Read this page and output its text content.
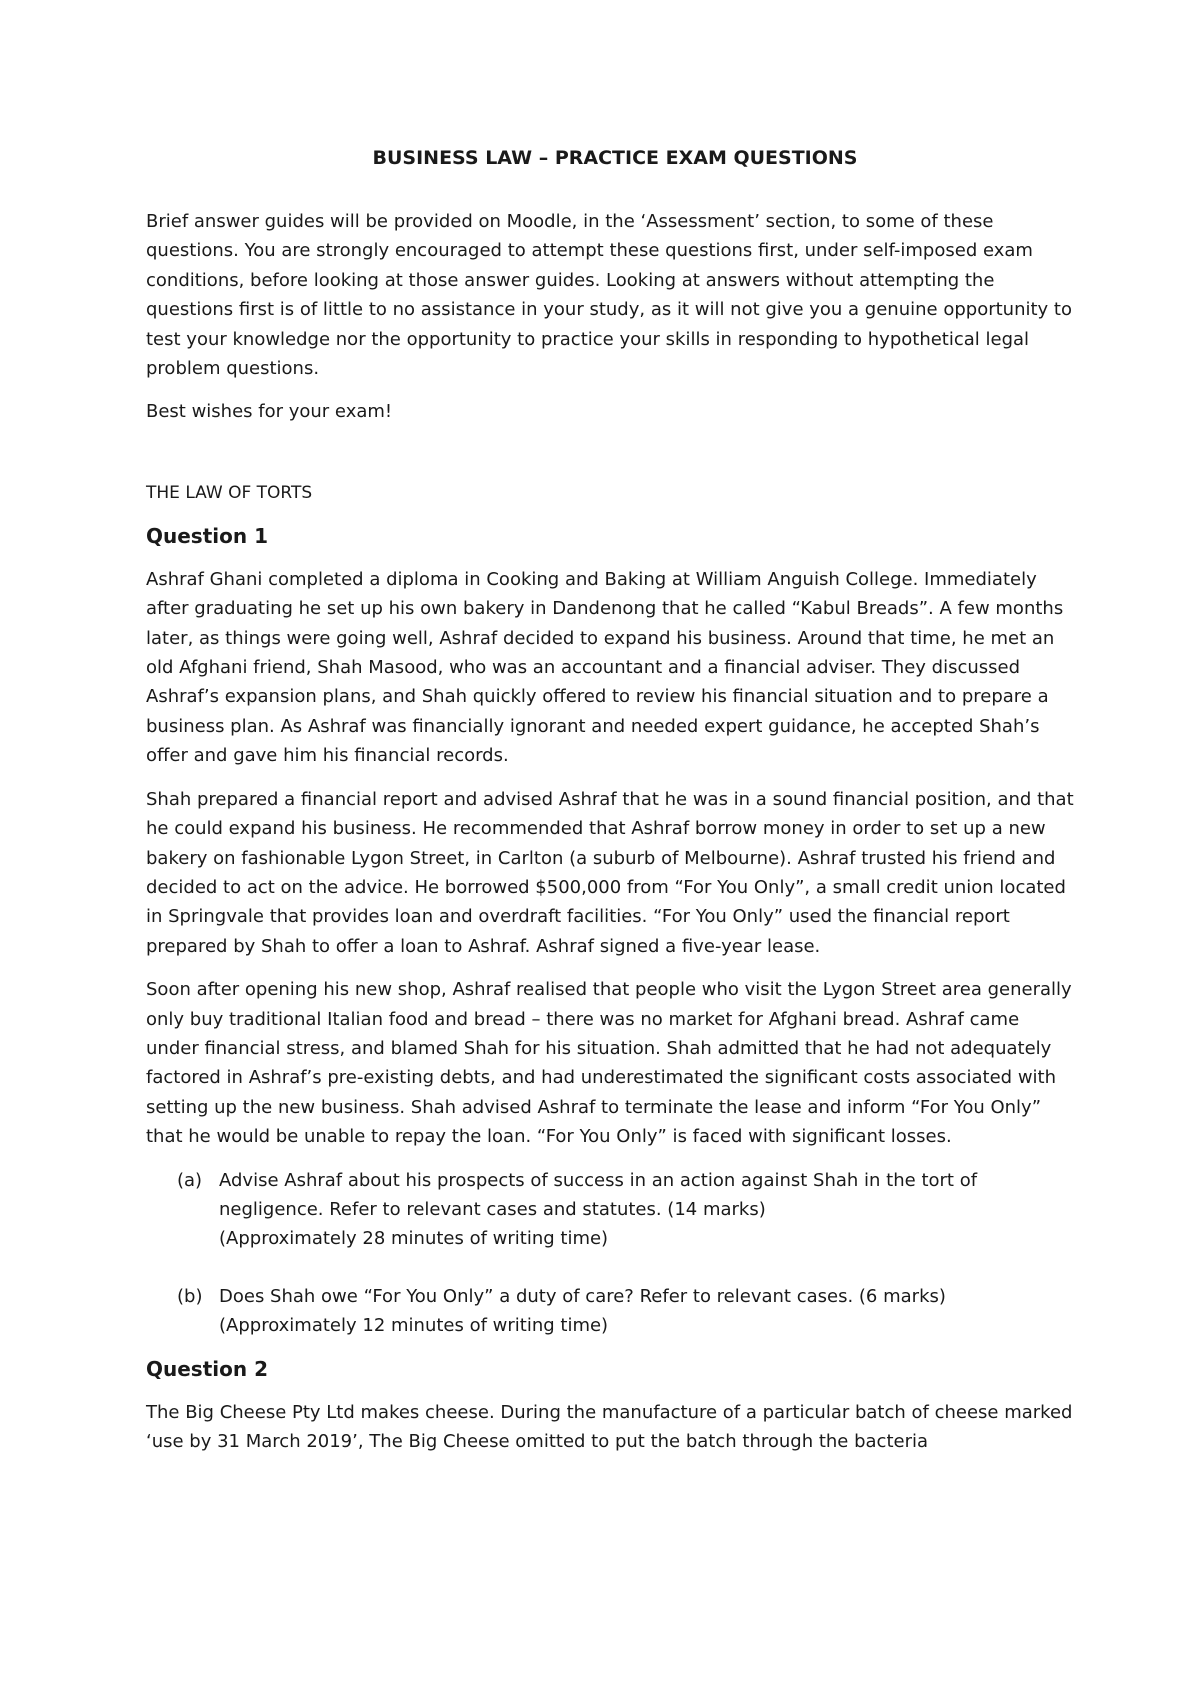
BUSINESS LAW – PRACTICE EXAM QUESTIONS

Brief answer guides will be provided on Moodle, in the ‘Assessment’ section, to some of these questions. You are strongly encouraged to attempt these questions first, under self-imposed exam conditions, before looking at those answer guides. Looking at answers without attempting the questions first is of little to no assistance in your study, as it will not give you a genuine opportunity to test your knowledge nor the opportunity to practice your skills in responding to hypothetical legal problem questions.

Best wishes for your exam!

THE LAW OF TORTS
Question 1

Ashraf Ghani completed a diploma in Cooking and Baking at William Anguish College. Immediately after graduating he set up his own bakery in Dandenong that he called “Kabul Breads”. A few months later, as things were going well, Ashraf decided to expand his business. Around that time, he met an old Afghani friend, Shah Masood, who was an accountant and a financial adviser. They discussed Ashraf’s expansion plans, and Shah quickly offered to review his financial situation and to prepare a business plan. As Ashraf was financially ignorant and needed expert guidance, he accepted Shah’s offer and gave him his financial records.

Shah prepared a financial report and advised Ashraf that he was in a sound financial position, and that he could expand his business. He recommended that Ashraf borrow money in order to set up a new bakery on fashionable Lygon Street, in Carlton (a suburb of Melbourne). Ashraf trusted his friend and decided to act on the advice. He borrowed $500,000 from “For You Only”, a small credit union located in Springvale that provides loan and overdraft facilities. “For You Only” used the financial report prepared by Shah to offer a loan to Ashraf. Ashraf signed a five-year lease.

Soon after opening his new shop, Ashraf realised that people who visit the Lygon Street area generally only buy traditional Italian food and bread – there was no market for Afghani bread. Ashraf came under financial stress, and blamed Shah for his situation. Shah admitted that he had not adequately factored in Ashraf’s pre-existing debts, and had underestimated the significant costs associated with setting up the new business. Shah advised Ashraf to terminate the lease and inform “For You Only” that he would be unable to repay the loan. “For You Only” is faced with significant losses.

(a) Advise Ashraf about his prospects of success in an action against Shah in the tort of negligence. Refer to relevant cases and statutes. (14 marks)
(Approximately 28 minutes of writing time)
(b) Does Shah owe “For You Only” a duty of care? Refer to relevant cases. (6 marks)
(Approximately 12 minutes of writing time)
Question 2

The Big Cheese Pty Ltd makes cheese. During the manufacture of a particular batch of cheese marked ‘use by 31 March 2019’, The Big Cheese omitted to put the batch through the bacteria
